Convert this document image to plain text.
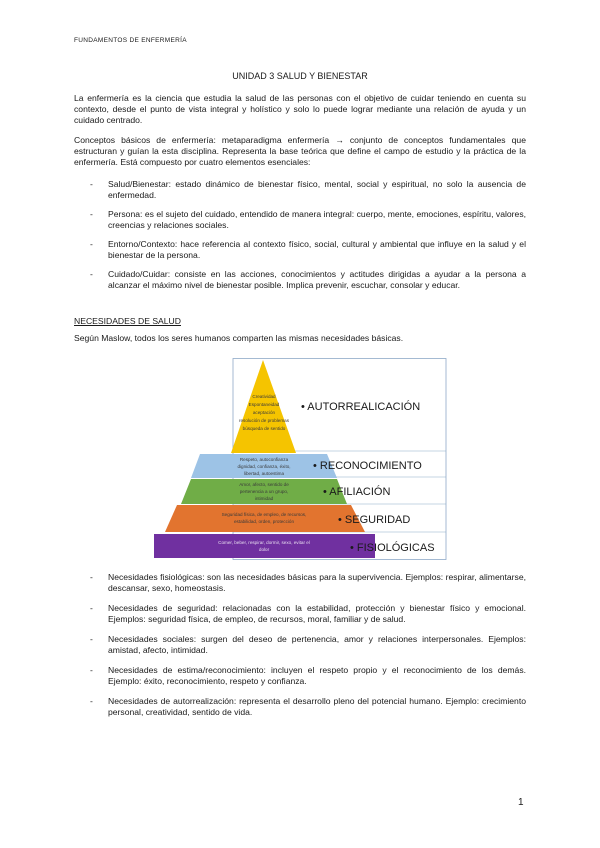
FUNDAMENTOS DE ENFERMERÍA
UNIDAD 3 SALUD Y BIENESTAR
La enfermería es la ciencia que estudia la salud de las personas con el objetivo de cuidar teniendo en cuenta su contexto, desde el punto de vista integral y holístico y solo lo puede lograr mediante una relación de ayuda y un cuidado centrado.
Conceptos básicos de enfermería: metaparadigma enfermería → conjunto de conceptos fundamentales que estructuran y guían la esta disciplina. Representa la base teórica que define el campo de estudio y la práctica de la enfermería. Está compuesto por cuatro elementos esenciales:
- Salud/Bienestar: estado dinámico de bienestar físico, mental, social y espiritual, no solo la ausencia de enfermedad.
- Persona: es el sujeto del cuidado, entendido de manera integral: cuerpo, mente, emociones, espíritu, valores, creencias y relaciones sociales.
- Entorno/Contexto: hace referencia al contexto físico, social, cultural y ambiental que influye en la salud y el bienestar de la persona.
- Cuidado/Cuidar: consiste en las acciones, conocimientos y actitudes dirigidas a ayudar a la persona a alcanzar el máximo nivel de bienestar posible. Implica prevenir, escuchar, consolar y educar.
NECESIDADES DE SALUD
Según Maslow, todos los seres humanos comparten las mismas necesidades básicas.
Creatividad
Espontaneidad
aceptación
resolución de problemas
búsqueda de sentido
Respeto, autoconfianza
dignidad, confianza, éxito,
libertad, autoestima
Amor, afecto, sentido de
pertenencia a un grupo,
intimidad
Seguridad física, de empleo, de recursos,
estabilidad, orden, protección
Comer, beber, respirar, dormir, sexo, evitar el
dolor
• AUTORREALICACIÓN
• RECONOCIMIENTO
• AFILIACIÓN
• SEGURIDAD
• FISIOLÓGICAS
- Necesidades fisiológicas: son las necesidades básicas para la supervivencia. Ejemplos: respirar, alimentarse, descansar, sexo, homeostasis.
- Necesidades de seguridad: relacionadas con la estabilidad, protección y bienestar físico y emocional. Ejemplos: seguridad física, de empleo, de recursos, moral, familiar y de salud.
- Necesidades sociales: surgen del deseo de pertenencia, amor y relaciones interpersonales. Ejemplos: amistad, afecto, intimidad.
- Necesidades de estima/reconocimiento: incluyen el respeto propio y el reconocimiento de los demás. Ejemplo: éxito, reconocimiento, respeto y confianza.
- Necesidades de autorrealización: representa el desarrollo pleno del potencial humano. Ejemplo: crecimiento personal, creatividad, sentido de vida.
1
